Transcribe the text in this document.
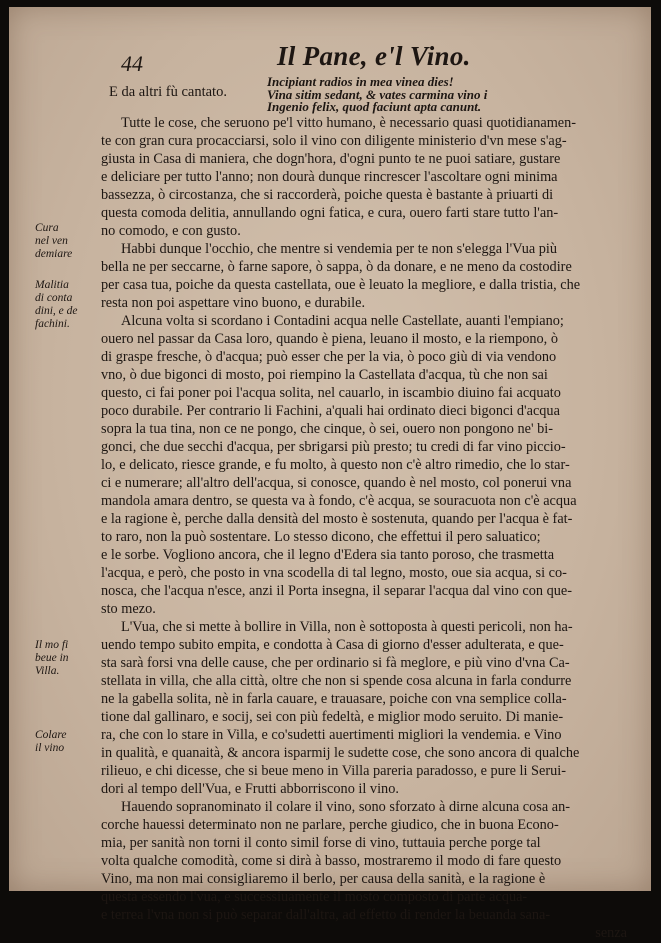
44	Il Pane, e'l Vino.
E da altri fù cantato.
Incipiant radios in mea vinea dies!
Vina sitim sedant, & vates carmina vino i
Ingenio felix, quod faciunt apta canunt.
Cura
nel ven
demiare
Malitia
di conta
dini, e de
fachini.
Il mo fi
beue in
Villa.
Colare
il vino
Tutte le cose, che seruono pe'l vitto humano, è necessario quasi quotidianamen-
te con gran cura procacciarsi, solo il vino con diligente ministerio d'vn mese s'ag-
giusta in Casa di maniera, che dogn'hora, d'ogni punto te ne puoi satiare, gustare
e deliciare per tutto l'anno; non dourà dunque rincrescer l'ascoltare ogni minima
bassezza, ò circostanza, che si raccorderà, poiche questa è bastante à priuarti di
questa comoda delitia, annullando ogni fatica, e cura, ouero farti stare tutto l'an-
no comodo, e con gusto.
Habbi dunque l'occhio, che mentre si vendemia per te non s'elegga l'Vua più
bella ne per seccarne, ò farne sapore, ò sappa, ò da donare, e ne meno da costodire
per casa tua, poiche da questa castellata, oue è leuato la megliore, e dalla tristia, che
resta non poi aspettare vino buono, e durabile.
Alcuna volta si scordano i Contadini acqua nelle Castellate, auanti l'empiano;
ouero nel passar da Casa loro, quando è piena, leuano il mosto, e la riempono, ò
di graspe fresche, ò d'acqua; può esser che per la via, ò poco giù di via vendono
vno, ò due bigonci di mosto, poi riempino la Castellata d'acqua, tù che non sai
questo, ci fai poner poi l'acqua solita, nel cauarlo, in iscambio diuino fai acquato
poco durabile. Per contrario li Fachini, a'quali hai ordinato dieci bigonci d'acqua
sopra la tua tina, non ce ne pongo, che cinque, ò sei, ouero non pongono ne' bi-
gonci, che due secchi d'acqua, per sbrigarsi più presto; tu credi di far vino piccio-
lo, e delicato, riesce grande, e fu molto, à questo non c'è altro rimedio, che lo star-
ci e numerare; all'altro dell'acqua, si conosce, quando è nel mosto, col ponerui vna
mandola amara dentro, se questa va à fondo, c'è acqua, se souracuota non c'è acqua
e la ragione è, perche dalla densità del mosto è sostenuta, quando per l'acqua è fat-
to raro, non la può sostentare. Lo stesso dicono, che effettui il pero saluatico;
e le sorbe. Vogliono ancora, che il legno d'Edera sia tanto poroso, che trasmetta
l'acqua, e però, che posto in vna scodella di tal legno, mosto, oue sia acqua, si co-
nosca, che l'acqua n'esce, anzi il Porta insegna, il separar l'acqua dal vino con que-
sto mezo.
L'Vua, che si mette à bollire in Villa, non è sottoposta à questi pericoli, non ha-
uendo tempo subito empita, e condotta à Casa di giorno d'esser adulterata, e que-
sta sarà forsi vna delle cause, che per ordinario si fà meglore, e più vino d'vna Ca-
stellata in villa, che alla città, oltre che non si spende cosa alcuna in farla condurre
ne la gabella solita, nè in farla cauare, e trauasare, poiche con vna semplice colla-
tione dal gallinaro, e socij, sei con più fedeltà, e miglior modo seruito. Di manie-
ra, che con lo stare in Villa, e co'sudetti auertimenti migliori la vendemia. e Vino
in qualità, e quanaità, & ancora isparmij le sudette cose, che sono ancora di qualche
rilieuo, e chi dicesse, che si beue meno in Villa pareria paradosso, e pure li Serui-
dori al tempo dell'Vua, e Frutti abborriscono il vino.
Hauendo sopranominato il colare il vino, sono sforzato à dirne alcuna cosa an-
corche hauessi determinato non ne parlare, perche giudico, che in buona Econo-
mia, per sanità non torni il conto simil forse di vino, tuttauia perche porge tal
volta qualche comodità, come si dirà à basso, mostraremo il modo di fare questo
Vino, ma non mai consigliaremo il berlo, per causa della sanità, e la ragione è
questa essendo l'vua, e successiuamente il mosto composto di parte acqua-
e terrea l'vna non si può separar dall'altra, ad effetto di render la beuanda sana-
senza
